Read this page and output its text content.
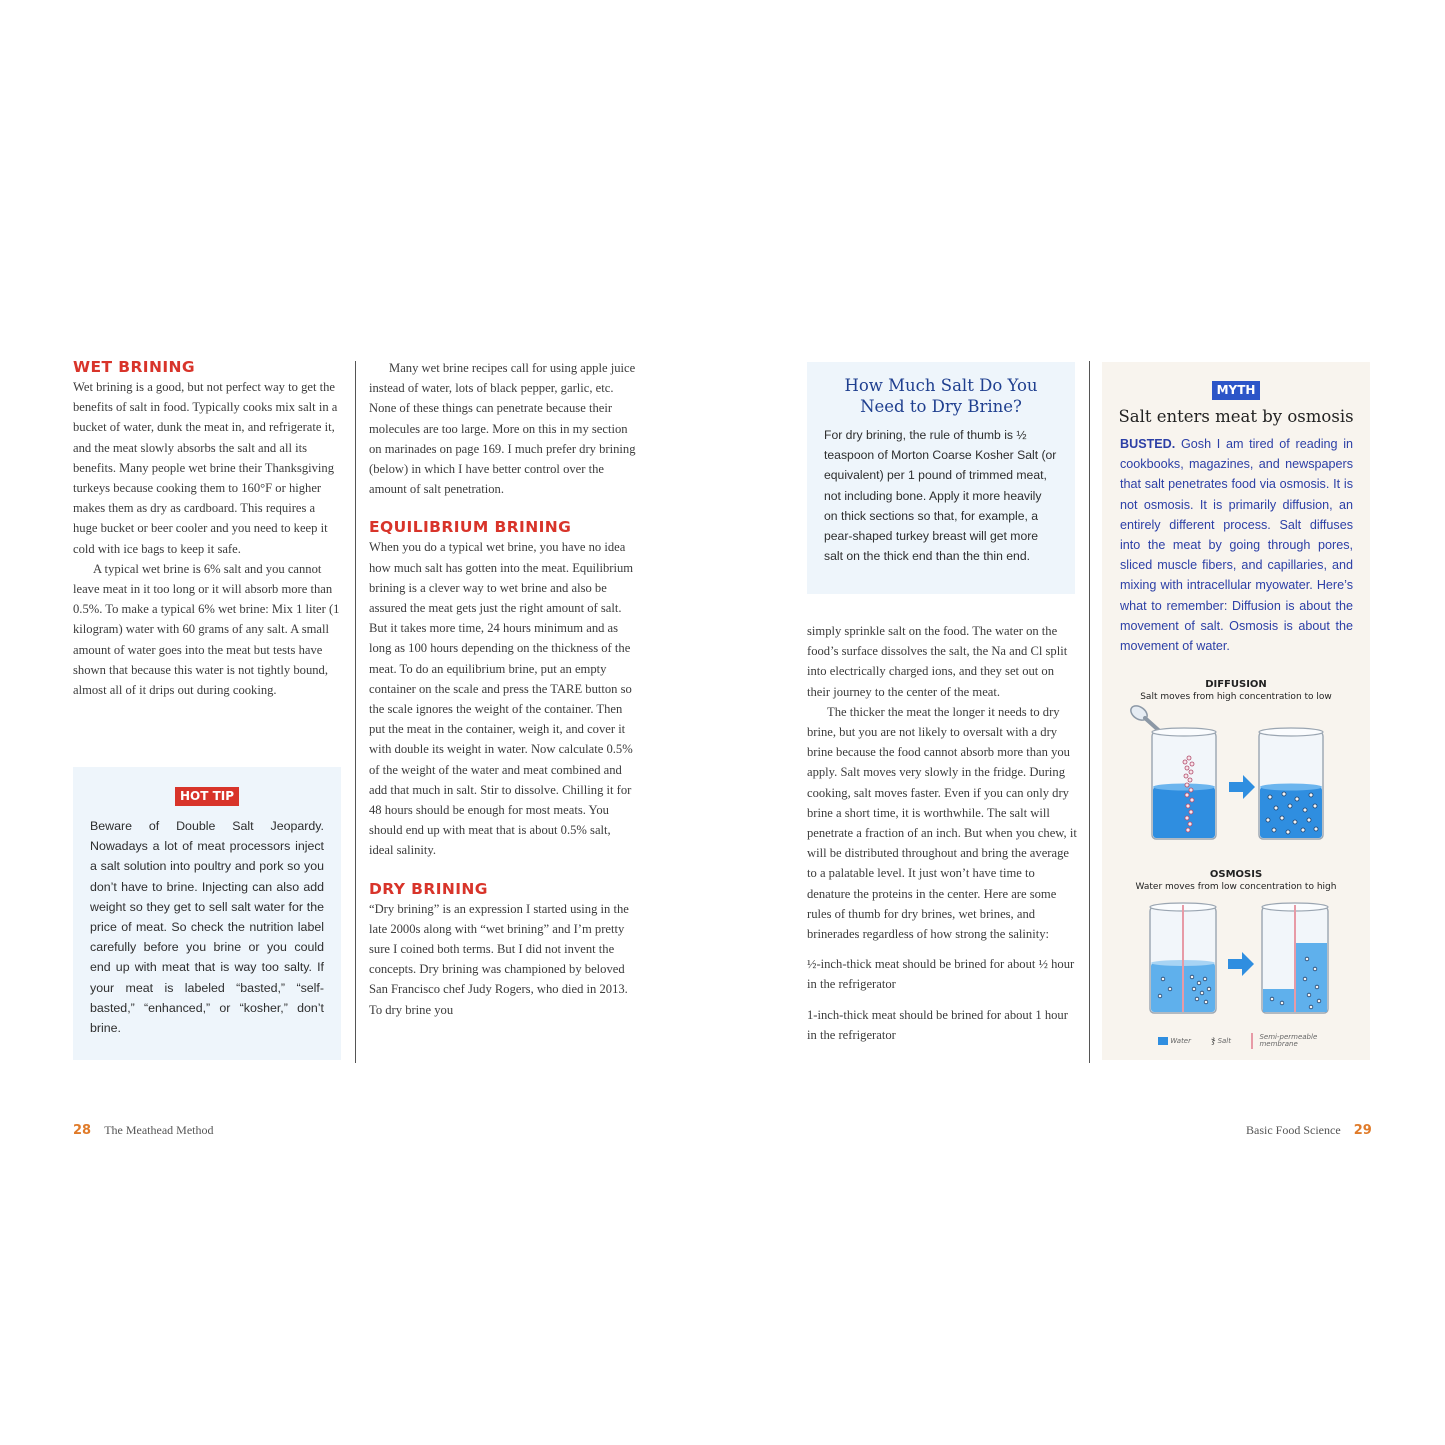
WET BRINING

Wet brining is a good, but not perfect way to get the benefits of salt in food. Typically cooks mix salt in a bucket of water, dunk the meat in, and refrigerate it, and the meat slowly absorbs the salt and all its benefits. Many people wet brine their Thanksgiving turkeys because cooking them to 160°F or higher makes them as dry as cardboard. This requires a huge bucket or beer cooler and you need to keep it cold with ice bags to keep it safe.

A typical wet brine is 6% salt and you cannot leave meat in it too long or it will absorb more than 0.5%. To make a typical 6% wet brine: Mix 1 liter (1 kilogram) water with 60 grams of any salt. A small amount of water goes into the meat but tests have shown that because this water is not tightly bound, almost all of it drips out during cooking.

HOT TIP
Beware of Double Salt Jeopardy. Nowadays a lot of meat processors inject a salt solution into poultry and pork so you don’t have to brine. Injecting can also add weight so they get to sell salt water for the price of meat. So check the nutrition label carefully before you brine or you could end up with meat that is way too salty. If your meat is labeled “basted,” “self-basted,” “enhanced,” or “kosher,” don’t brine.

Many wet brine recipes call for using apple juice instead of water, lots of black pepper, garlic, etc. None of these things can penetrate because their molecules are too large. More on this in my section on marinades on page 169. I much prefer dry brining (below) in which I have better control over the amount of salt penetration.

EQUILIBRIUM BRINING

When you do a typical wet brine, you have no idea how much salt has gotten into the meat. Equilibrium brining is a clever way to wet brine and also be assured the meat gets just the right amount of salt. But it takes more time, 24 hours minimum and as long as 100 hours depending on the thickness of the meat. To do an equilibrium brine, put an empty container on the scale and press the TARE button so the scale ignores the weight of the container. Then put the meat in the container, weigh it, and cover it with double its weight in water. Now calculate 0.5% of the weight of the water and meat combined and add that much in salt. Stir to dissolve. Chilling it for 48 hours should be enough for most meats. You should end up with meat that is about 0.5% salt, ideal salinity.

DRY BRINING

“Dry brining” is an expression I started using in the late 2000s along with “wet brining” and I’m pretty sure I coined both terms. But I did not invent the concepts. Dry brining was championed by beloved San Francisco chef Judy Rogers, who died in 2013. To dry brine you

28 The Meathead Method
How Much Salt Do You
Need to Dry Brine?
For dry brining, the rule of thumb is ½ teaspoon of Morton Coarse Kosher Salt (or equivalent) per 1 pound of trimmed meat, not including bone. Apply it more heavily on thick sections so that, for example, a pear-shaped turkey breast will get more salt on the thick end than the thin end.

simply sprinkle salt on the food. The water on the food’s surface dissolves the salt, the Na and Cl split into electrically charged ions, and they set out on their journey to the center of the meat.

The thicker the meat the longer it needs to dry brine, but you are not likely to oversalt with a dry brine because the food cannot absorb more than you apply. Salt moves very slowly in the fridge. During cooking, salt moves faster. Even if you can only dry brine a short time, it is worthwhile. The salt will penetrate a fraction of an inch. But when you chew, it will be distributed throughout and bring the average to a palatable level. It just won’t have time to denature the proteins in the center. Here are some rules of thumb for dry brines, wet brines, and brinerades regardless of how strong the salinity:

½-inch-thick meat should be brined for about ½ hour in the refrigerator

1-inch-thick meat should be brined for about 1 hour in the refrigerator

MYTH
Salt enters meat by osmosis
BUSTED. Gosh I am tired of reading in cookbooks, magazines, and newspapers that salt penetrates food via osmosis. It is not osmosis. It is primarily diffusion, an entirely different process. Salt diffuses into the meat by going through pores, sliced muscle fibers, and capillaries, and mixing with intracellular myowater. Here’s what to remember: Diffusion is about the movement of salt. Osmosis is about the movement of water.
DIFFUSION
Salt moves from high concentration to low
OSMOSIS
Water moves from low concentration to high
Water ჯ Salt	Semi-permeable
membrane
Basic Food Science 29
